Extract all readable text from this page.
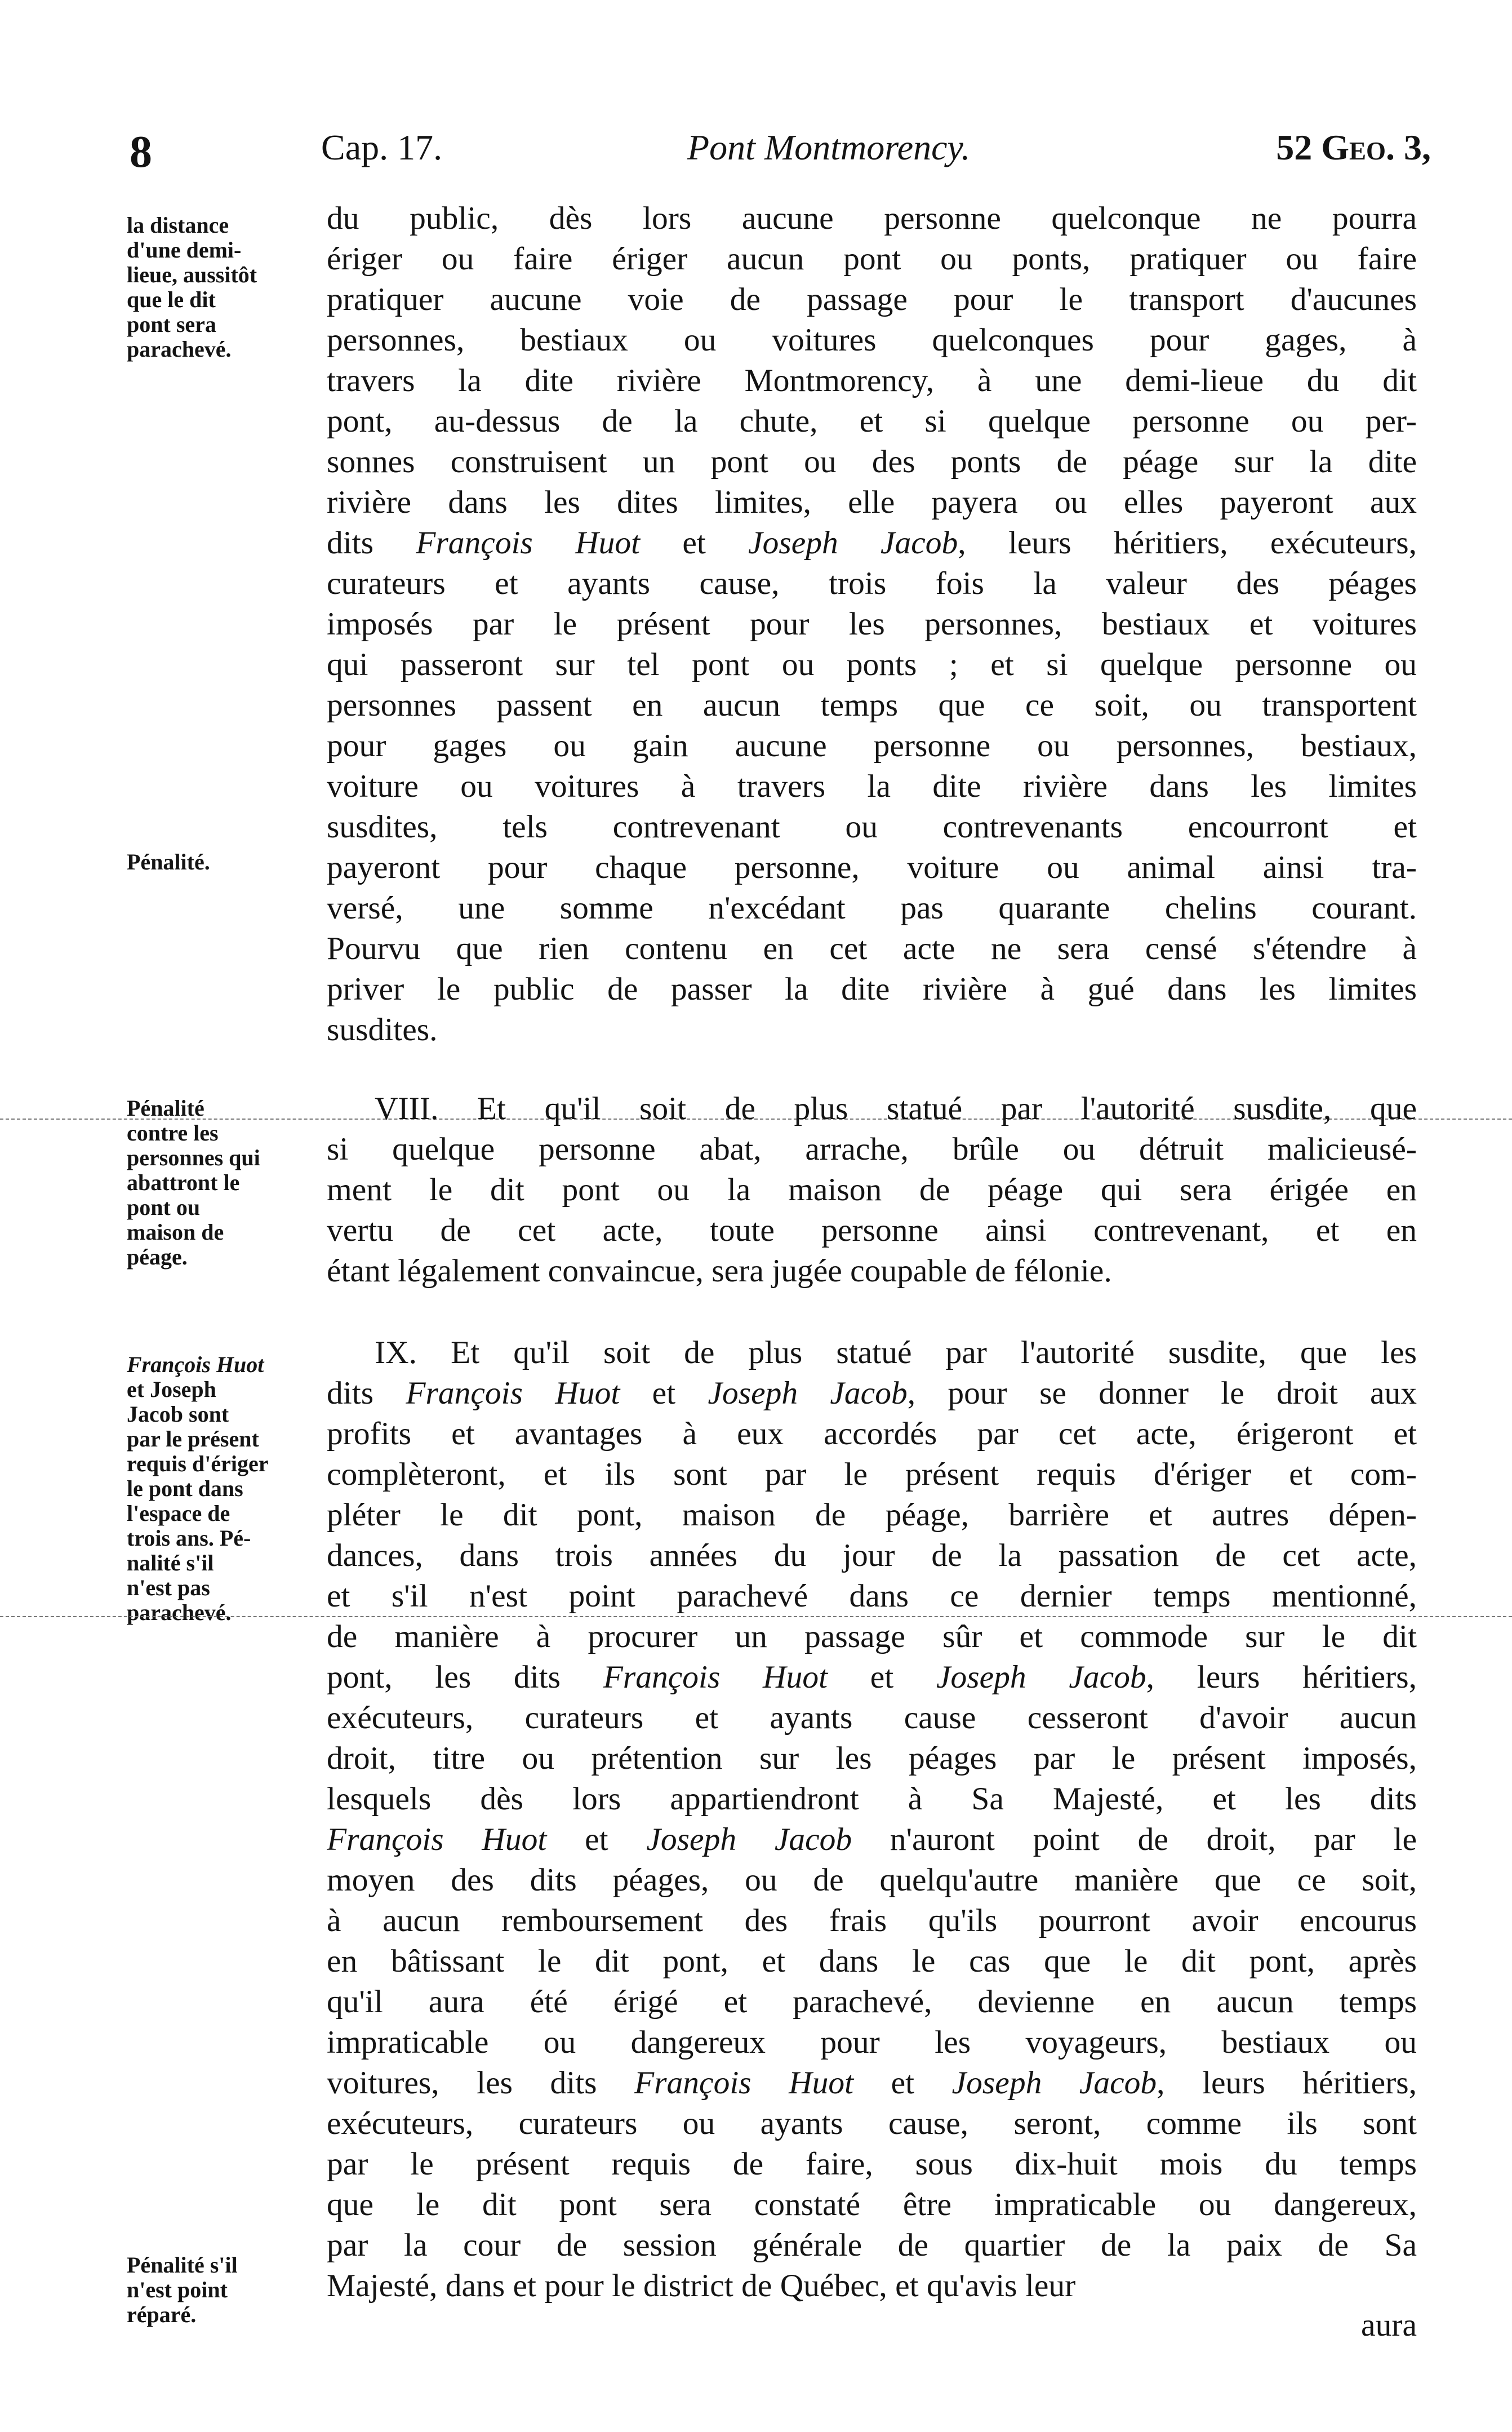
8	Cap. 17.	Pont Montmorency.	52 Geo. 3,
la distance
d'une demi-
lieue, aussitôt
que le dit
pont sera
parachevé.
Pénalité.
Pénalité
contre les
personnes qui
abattront le
pont ou
maison de
péage.
François Huot
et Joseph
Jacob sont
par le présent
requis d'ériger
le pont dans
l'espace de
trois ans. Pé-
nalité s'il
n'est pas
parachevé.
Pénalité s'il
n'est point
réparé.
du public, dès lors aucune personne quelconque ne pourra
ériger ou faire ériger aucun pont ou ponts, pratiquer ou faire
pratiquer aucune voie de passage pour le transport d'aucunes
personnes, bestiaux ou voitures quelconques pour gages, à
travers la dite rivière Montmorency, à une demi-lieue du dit
pont, au-dessus de la chute, et si quelque personne ou per-
sonnes construisent un pont ou des ponts de péage sur la dite
rivière dans les dites limites, elle payera ou elles payeront aux
dits François Huot et Joseph Jacob, leurs héritiers, exécuteurs,
curateurs et ayants cause, trois fois la valeur des péages
imposés par le présent pour les personnes, bestiaux et voitures
qui passeront sur tel pont ou ponts ; et si quelque personne ou
personnes passent en aucun temps que ce soit, ou transportent
pour gages ou gain aucune personne ou personnes, bestiaux,
voiture ou voitures à travers la dite rivière dans les limites
susdites, tels contrevenant ou contrevenants encourront et
payeront pour chaque personne, voiture ou animal ainsi tra-
versé, une somme n'excédant pas quarante chelins courant.
Pourvu que rien contenu en cet acte ne sera censé s'étendre à
priver le public de passer la dite rivière à gué dans les limites
susdites.
VIII. Et qu'il soit de plus statué par l'autorité susdite, que
si quelque personne abat, arrache, brûle ou détruit malicieusé-
ment le dit pont ou la maison de péage qui sera érigée en
vertu de cet acte, toute personne ainsi contrevenant, et en
étant légalement convaincue, sera jugée coupable de félonie.
IX. Et qu'il soit de plus statué par l'autorité susdite, que les
dits François Huot et Joseph Jacob, pour se donner le droit aux
profits et avantages à eux accordés par cet acte, érigeront et
complèteront, et ils sont par le présent requis d'ériger et com-
pléter le dit pont, maison de péage, barrière et autres dépen-
dances, dans trois années du jour de la passation de cet acte,
et s'il n'est point parachevé dans ce dernier temps mentionné,
de manière à procurer un passage sûr et commode sur le dit
pont, les dits François Huot et Joseph Jacob, leurs héritiers,
exécuteurs, curateurs et ayants cause cesseront d'avoir aucun
droit, titre ou prétention sur les péages par le présent imposés,
lesquels dès lors appartiendront à Sa Majesté, et les dits
François Huot et Joseph Jacob n'auront point de droit, par le
moyen des dits péages, ou de quelqu'autre manière que ce soit,
à aucun remboursement des frais qu'ils pourront avoir encourus
en bâtissant le dit pont, et dans le cas que le dit pont, après
qu'il aura été érigé et parachevé, devienne en aucun temps
impraticable ou dangereux pour les voyageurs, bestiaux ou
voitures, les dits François Huot et Joseph Jacob, leurs héritiers,
exécuteurs, curateurs ou ayants cause, seront, comme ils sont
par le présent requis de faire, sous dix-huit mois du temps
que le dit pont sera constaté être impraticable ou dangereux,
par la cour de session générale de quartier de la paix de Sa
Majesté, dans et pour le district de Québec, et qu'avis leur
aura
